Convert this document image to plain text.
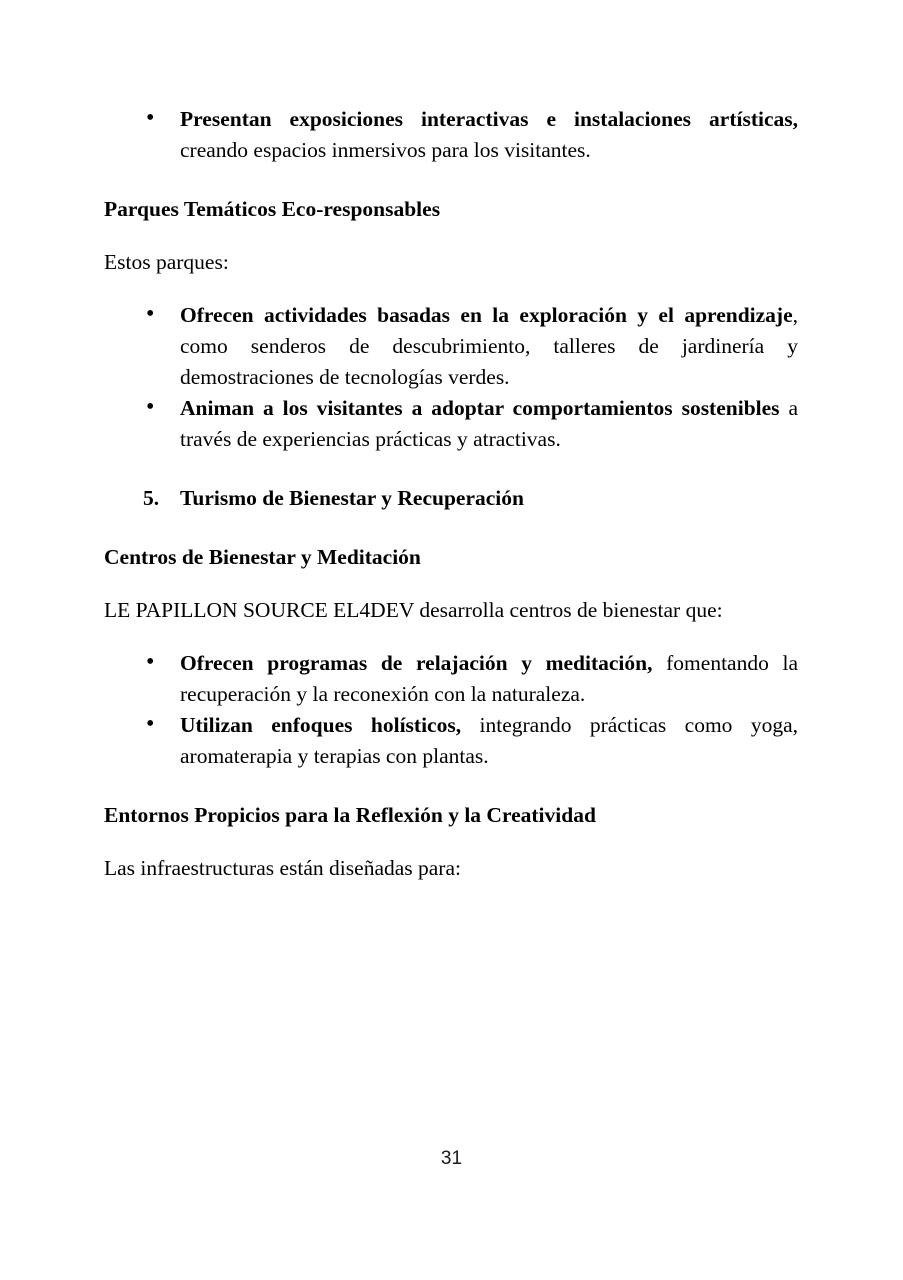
•	Presentan exposiciones interactivas e instalaciones artísticas, creando espacios inmersivos para los visitantes.

Parques Temáticos Eco-responsables

Estos parques:

•	Ofrecen actividades basadas en la exploración y el aprendizaje, como senderos de descubrimiento, talleres de jardinería y demostraciones de tecnologías verdes.
•	Animan a los visitantes a adoptar comportamientos sostenibles a través de experiencias prácticas y atractivas.
5. Turismo de Bienestar y Recuperación

Centros de Bienestar y Meditación

LE PAPILLON SOURCE EL4DEV desarrolla centros de bienestar que:

•	Ofrecen programas de relajación y meditación, fomentando la recuperación y la reconexión con la naturaleza.
•	Utilizan enfoques holísticos, integrando prácticas como yoga, aromaterapia y terapias con plantas.

Entornos Propicios para la Reflexión y la Creatividad

Las infraestructuras están diseñadas para:

31
